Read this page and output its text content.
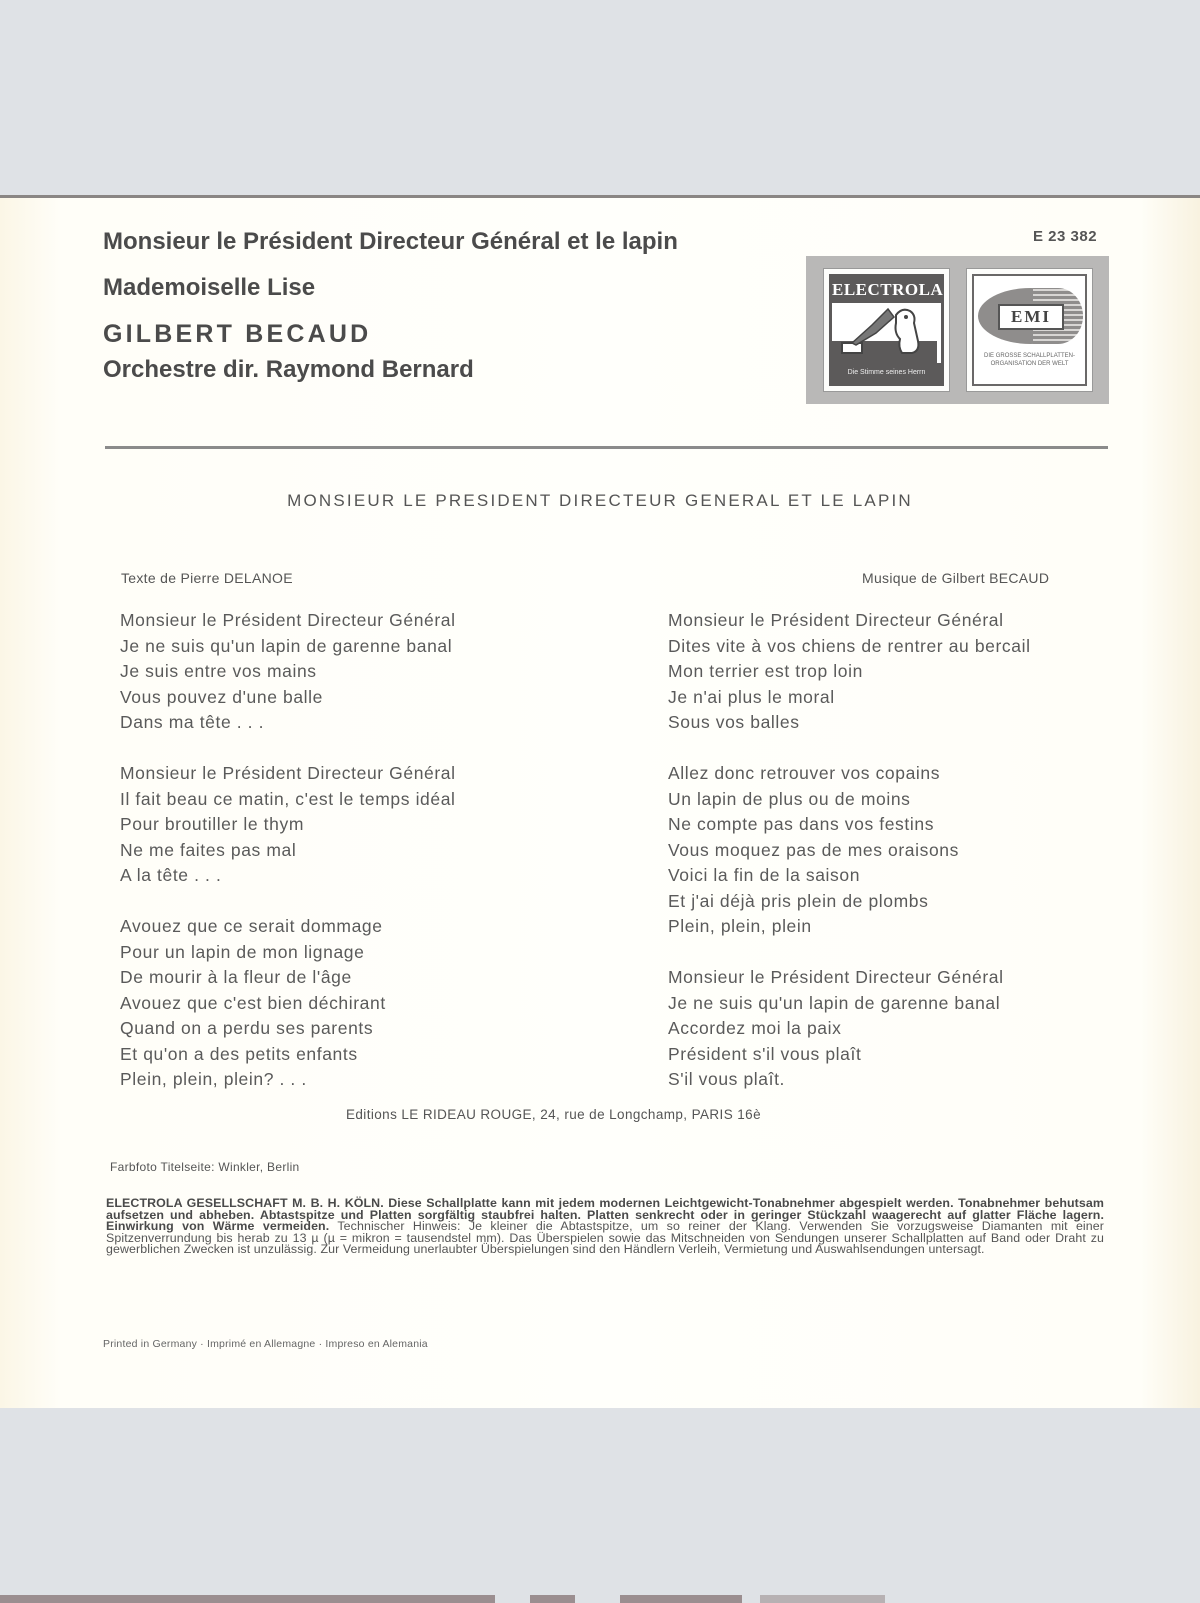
Monsieur le Président Directeur Général et le lapin
Mademoiselle Lise
GILBERT BECAUD
Orchestre dir. Raymond Bernard
E 23 382
ELECTROLA
Die Stimme seines Herrn
EMI
DIE GROSSE SCHALLPLATTEN-ORGANISATION DER WELT
MONSIEUR LE PRESIDENT DIRECTEUR GENERAL ET LE LAPIN
Texte de Pierre DELANOE	Musique de Gilbert BECAUD
Monsieur le Président Directeur Général
Je ne suis qu'un lapin de garenne banal
Je suis entre vos mains
Vous pouvez d'une balle
Dans ma tête . . .
Monsieur le Président Directeur Général
Il fait beau ce matin, c'est le temps idéal
Pour broutiller le thym
Ne me faites pas mal
A la tête . . .
Avouez que ce serait dommage
Pour un lapin de mon lignage
De mourir à la fleur de l'âge
Avouez que c'est bien déchirant
Quand on a perdu ses parents
Et qu'on a des petits enfants
Plein, plein, plein? . . .
Monsieur le Président Directeur Général
Dites vite à vos chiens de rentrer au bercail
Mon terrier est trop loin
Je n'ai plus le moral
Sous vos balles
Allez donc retrouver vos copains
Un lapin de plus ou de moins
Ne compte pas dans vos festins
Vous moquez pas de mes oraisons
Voici la fin de la saison
Et j'ai déjà pris plein de plombs
Plein, plein, plein
Monsieur le Président Directeur Général
Je ne suis qu'un lapin de garenne banal
Accordez moi la paix
Président s'il vous plaît
S'il vous plaît.
Editions LE RIDEAU ROUGE, 24, rue de Longchamp, PARIS 16è
Farbfoto Titelseite: Winkler, Berlin
ELECTROLA GESELLSCHAFT M. B. H. KÖLN. Diese Schallplatte kann mit jedem modernen Leichtgewicht-Tonabnehmer abgespielt werden. Tonabnehmer behutsam aufsetzen und abheben. Abtastspitze und Platten sorgfältig staubfrei halten. Platten senkrecht oder in geringer Stückzahl waagerecht auf glatter Fläche lagern. Einwirkung von Wärme vermeiden. Technischer Hinweis: Je kleiner die Abtastspitze, um so reiner der Klang. Verwenden Sie vorzugsweise Diamanten mit einer Spitzenverrundung bis herab zu 13 µ (µ = mikron = tausendstel mm). Das Überspielen sowie das Mitschneiden von Sendungen unserer Schallplatten auf Band oder Draht zu gewerblichen Zwecken ist unzulässig. Zur Vermeidung unerlaubter Überspielungen sind den Händlern Verleih, Vermietung und Auswahlsendungen untersagt.
Printed in Germany · Imprimé en Allemagne · Impreso en Alemania
